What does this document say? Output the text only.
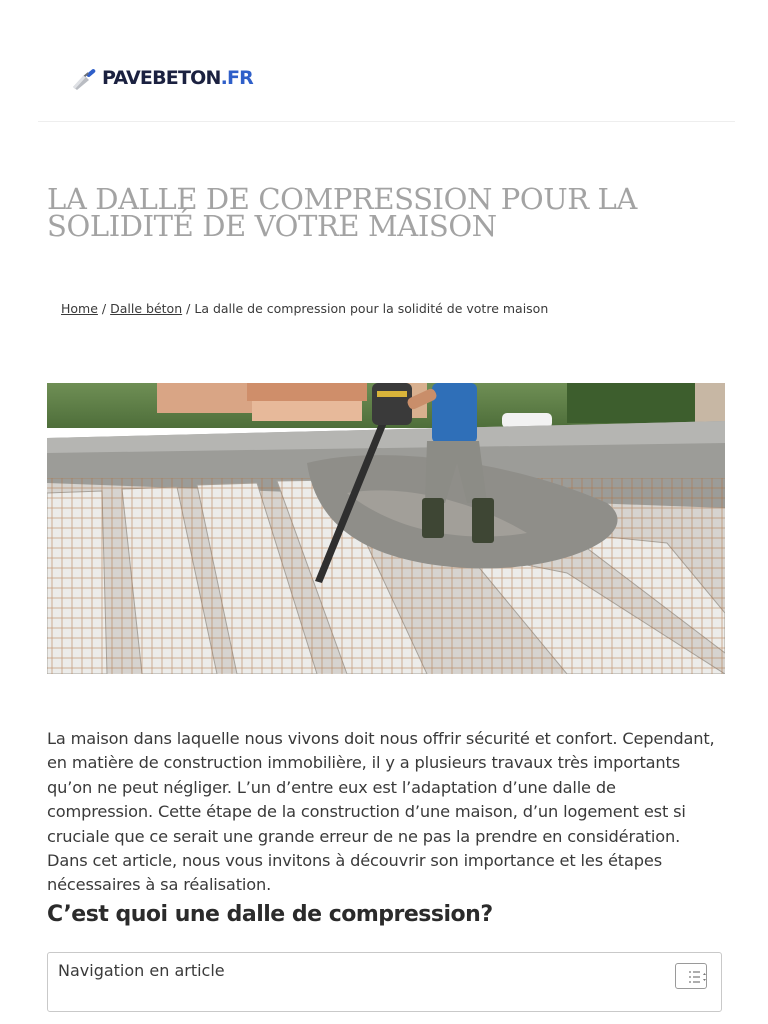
PAVEBETON.FR
LA DALLE DE COMPRESSION POUR LA SOLIDITÉ DE VOTRE MAISON
Home / Dalle béton / La dalle de compression pour la solidité de votre maison

La maison dans laquelle nous vivons doit nous offrir sécurité et confort. Cependant, en matière de construction immobilière, il y a plusieurs travaux très importants qu’on ne peut négliger. L’un d’entre eux est l’adaptation d’une dalle de compression. Cette étape de la construction d’une maison, d’un logement est si cruciale que ce serait une grande erreur de ne pas la prendre en considération. Dans cet article, nous vous invitons à découvrir son importance et les étapes nécessaires à sa réalisation.

C’est quoi une dalle de compression?
Navigation en article
